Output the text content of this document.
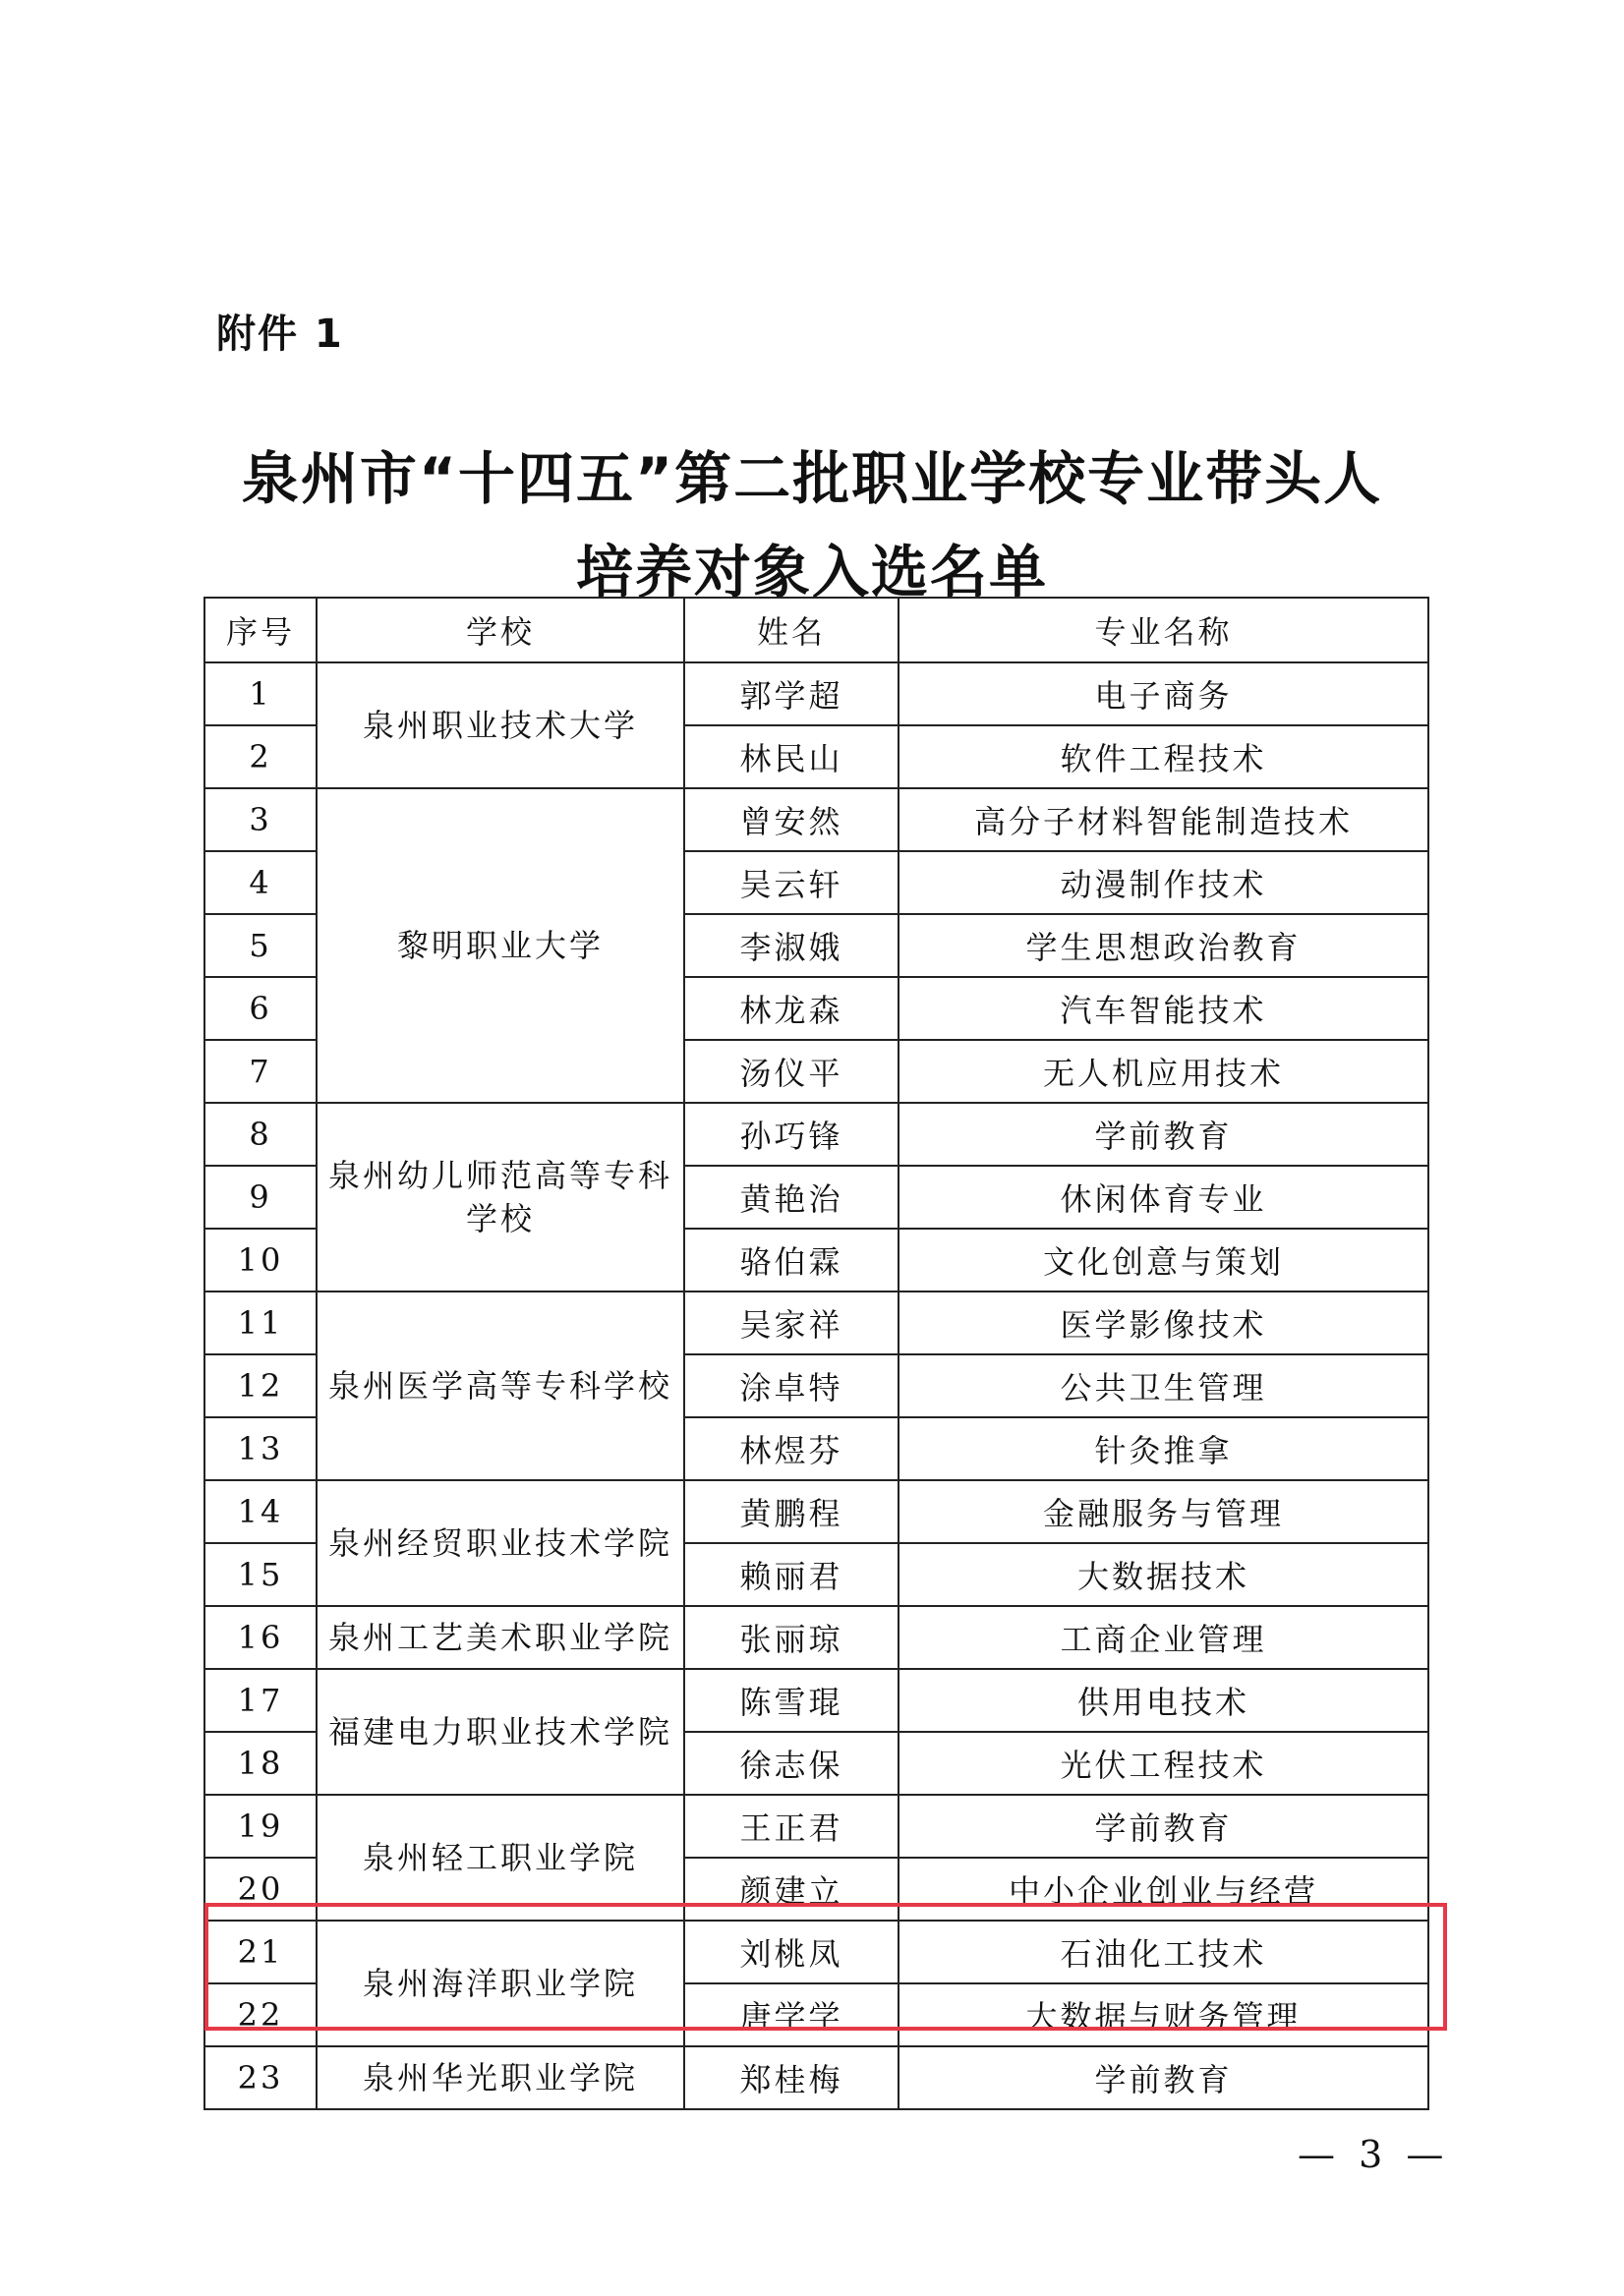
附件 1
泉州市“十四五”第二批职业学校专业带头人
培养对象入选名单
序号	学校	姓名	专业名称
1	泉州职业技术大学	郭学超	电子商务
2		林民山	软件工程技术
3	黎明职业大学	曾安然	高分子材料智能制造技术
4		吴云轩	动漫制作技术
5		李淑娥	学生思想政治教育
6		林龙森	汽车智能技术
7		汤仪平	无人机应用技术
8	泉州幼儿师范高等专科学校	孙巧锋	学前教育
9		黄艳治	休闲体育专业
10		骆伯霖	文化创意与策划
11	泉州医学高等专科学校	吴家祥	医学影像技术
12		涂卓特	公共卫生管理
13		林煜芬	针灸推拿
14	泉州经贸职业技术学院	黄鹏程	金融服务与管理
15		赖丽君	大数据技术
16	泉州工艺美术职业学院	张丽琼	工商企业管理
17	福建电力职业技术学院	陈雪琨	供用电技术
18		徐志保	光伏工程技术
19	泉州轻工职业学院	王正君	学前教育
20		颜建立	中小企业创业与经营
21	泉州海洋职业学院	刘桃凤	石油化工技术
22		唐学学	大数据与财务管理
23	泉州华光职业学院	郑桂梅	学前教育
— 3 —
